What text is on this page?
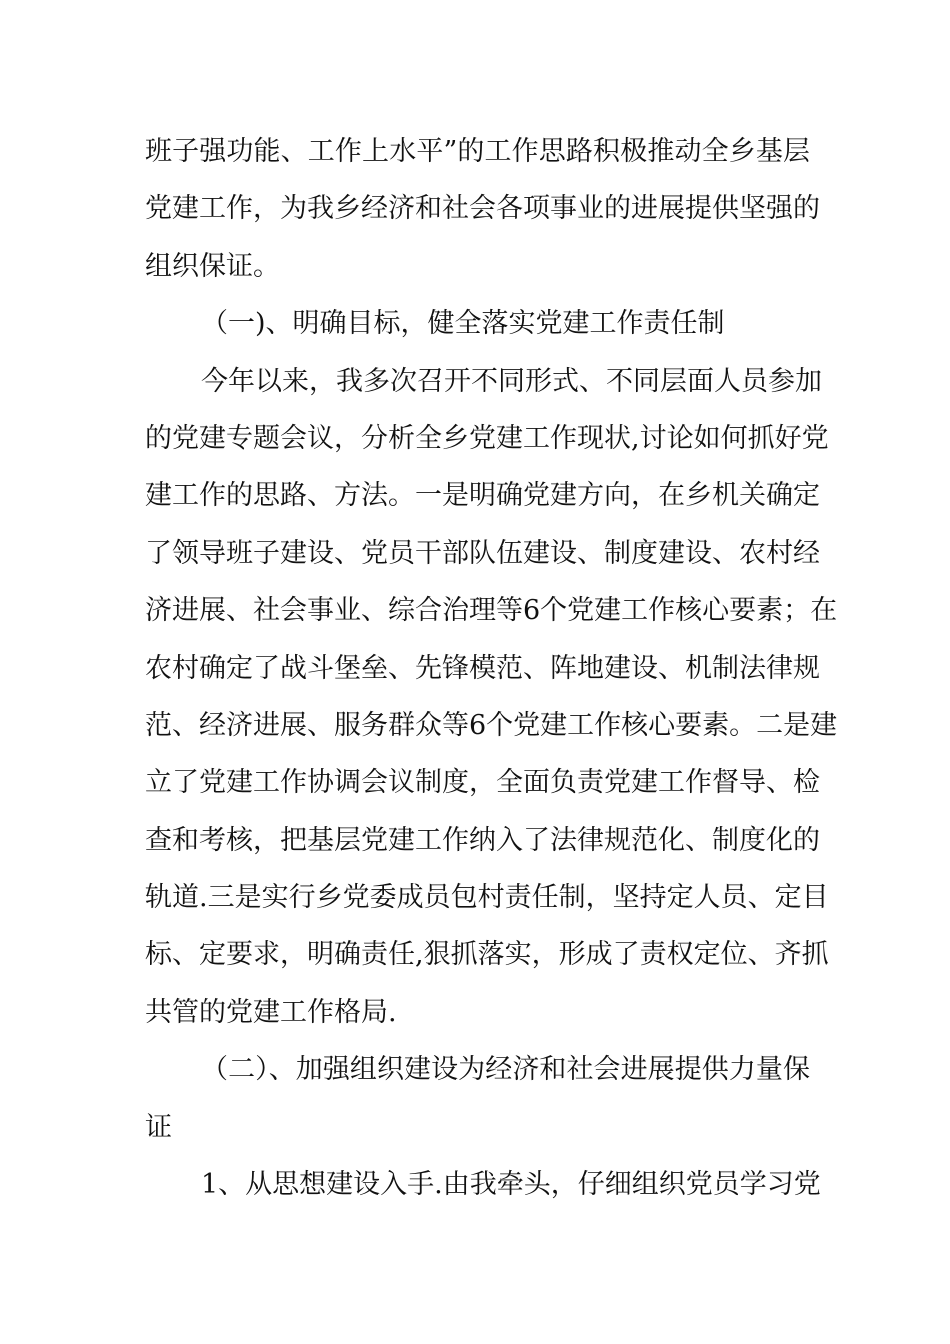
班子强功能、工作上水平”的工作思路积极推动全乡基层
党建工作，为我乡经济和社会各项事业的进展提供坚强的
组织保证。
（一)、明确目标，健全落实党建工作责任制
今年以来，我多次召开不同形式、不同层面人员参加
的党建专题会议，分析全乡党建工作现状,讨论如何抓好党
建工作的思路、方法。一是明确党建方向，在乡机关确定
了领导班子建设、党员干部队伍建设、制度建设、农村经
济进展、社会事业、综合治理等6个党建工作核心要素；在
农村确定了战斗堡垒、先锋模范、阵地建设、机制法律规
范、经济进展、服务群众等6个党建工作核心要素。二是建
立了党建工作协调会议制度，全面负责党建工作督导、检
查和考核，把基层党建工作纳入了法律规范化、制度化的
轨道.三是实行乡党委成员包村责任制，坚持定人员、定目
标、定要求，明确责任,狠抓落实，形成了责权定位、齐抓
共管的党建工作格局.
（二）、加强组织建设为经济和社会进展提供力量保
证
1、从思想建设入手.由我牵头，仔细组织党员学习党
